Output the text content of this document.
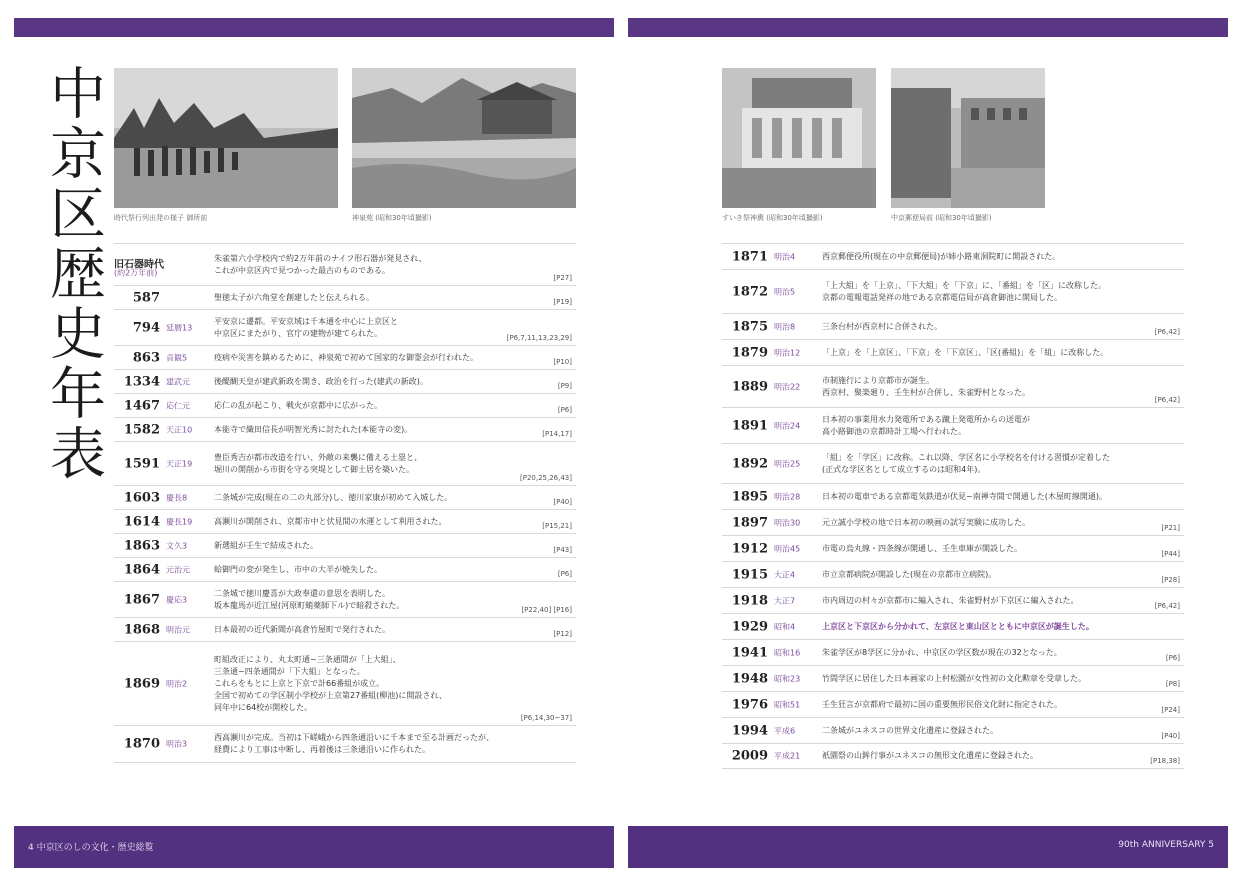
中京区歴史年表 時代祭行列出発の様子 御所前	神泉苑 (昭和30年頃撮影)
旧石器時代
(約2万年前)
朱雀第六小学校内で約2万年前のナイフ形石器が発見され、
これが中京区内で見つかった最古のものである。
[P27]
587	聖徳太子が六角堂を創建したと伝えられる。
[P19]
794 延暦13
平安京に遷都。平安京域は千本通を中心に上京区と
中京区にまたがり、官庁の建物が建てられた。
[P6,7,11,13,23,29]
863 貞観5	疫病や災害を鎮めるために、神泉苑で初めて国家的な御霊会が行われた。
[P10]
1334 建武元	後醍醐天皇が建武新政を開き、政治を行った(建武の新政)。
[P9]
1467 応仁元	応仁の乱が起こり、戦火が京都中に広がった。
[P6]
1582 天正10	本能寺で織田信長が明智光秀に討たれた(本能寺の変)。
[P14,17]
1591 天正19
豊臣秀吉が都市改造を行い、外敵の来襲に備える土塁と、
堀川の開削から市街を守る突堤として御土居を築いた。
[P20,25,26,43]
1603 慶長8	二条城が完成(現在の二の丸部分)し、徳川家康が初めて入城した。
[P40]
1614 慶長19	高瀬川が開削され、京都市中と伏見間の水運として利用された。
[P15,21]
1863 文久3	新選組が壬生で結成された。
[P43]
1864 元治元	蛤御門の変が発生し、市中の大半が焼失した。
[P6]
1867 慶応3
二条城で徳川慶喜が大政奉還の意思を表明した。
坂本龍馬が近江屋(河原町蛸薬師下ル)で暗殺された。
[P22,40] [P16]
1868 明治元	日本最初の近代新聞が高倉竹屋町で発行された。
[P12]
1869 明治2
町組改正により、丸太町通~三条通間が「上大組」、
三条通~四条通間が「下大組」となった。
これらをもとに上京と下京で計66番組が成立。
全国で初めての学区制小学校が上京第27番組(柳池)に開設され、
同年中に64校が開校した。
[P6,14,30~37]
1870 明治3
西高瀬川が完成。当初は下嵯峨から四条通沿いに千本まで至る計画だったが、
経費により工事は中断し、再着後は三条通沿いに作られた。
4 中京区のしの文化・歴史総覧
すいき祭神輿 (昭和30年頃撮影)	中京郵便局前 (昭和30年頃撮影)
1871 明治4	西京郵便役所(現在の中京郵便局)が姉小路東洞院町に開設された。
1872 明治5
「上大組」を「上京」、「下大組」を「下京」に、「番組」を「区」に改称した。
京都の電報電話発祥の地である京都電信局が高倉御池に開局した。
1875 明治8	三条台村が西京村に合併された。
[P6,42]
1879 明治12	「上京」を「上京区」、「下京」を「下京区」、「区(番組)」を「組」に改称した。
1889 明治22
市制施行により京都市が誕生。
西京村、聚楽廻り、壬生村が合併し、朱雀野村となった。
[P6,42]
1891 明治24
日本初の事業用水力発電所である蹴上発電所からの送電が
高小路御池の京都時計工場へ行われた。
1892 明治25
「組」を「学区」に改称。これ以降、学区名に小学校名を付ける習慣が定着した
(正式な学区名として成立するのは昭和4年)。
1895 明治28	日本初の電車である京都電気鉄道が伏見~南禅寺間で開通した(木屋町線開通)。
1897 明治30	元立誠小学校の地で日本初の映画の試写実験に成功した。
[P21]
1912 明治45	市電の烏丸線・四条線が開通し、壬生車庫が開設した。
[P44]
1915 大正4	市立京都病院が開設した(現在の京都市立病院)。
[P28]
1918 大正7	市内周辺の村々が京都市に編入され、朱雀野村が下京区に編入された。
[P6,42]
1929 昭和4	上京区と下京区から分かれて、左京区と東山区とともに中京区が誕生した。
1941 昭和16	朱雀学区が8学区に分かれ、中京区の学区数が現在の32となった。
[P6]
1948 昭和23	竹間学区に居住した日本画家の上村松園が女性初の文化勲章を受章した。
[P8]
1976 昭和51	壬生狂言が京都府で最初に国の重要無形民俗文化財に指定された。
[P24]
1994 平成6	二条城がユネスコの世界文化遺産に登録された。
[P40]
2009 平成21	祇園祭の山鉾行事がユネスコの無形文化遺産に登録された。
[P18,38]
90th ANNIVERSARY 5
